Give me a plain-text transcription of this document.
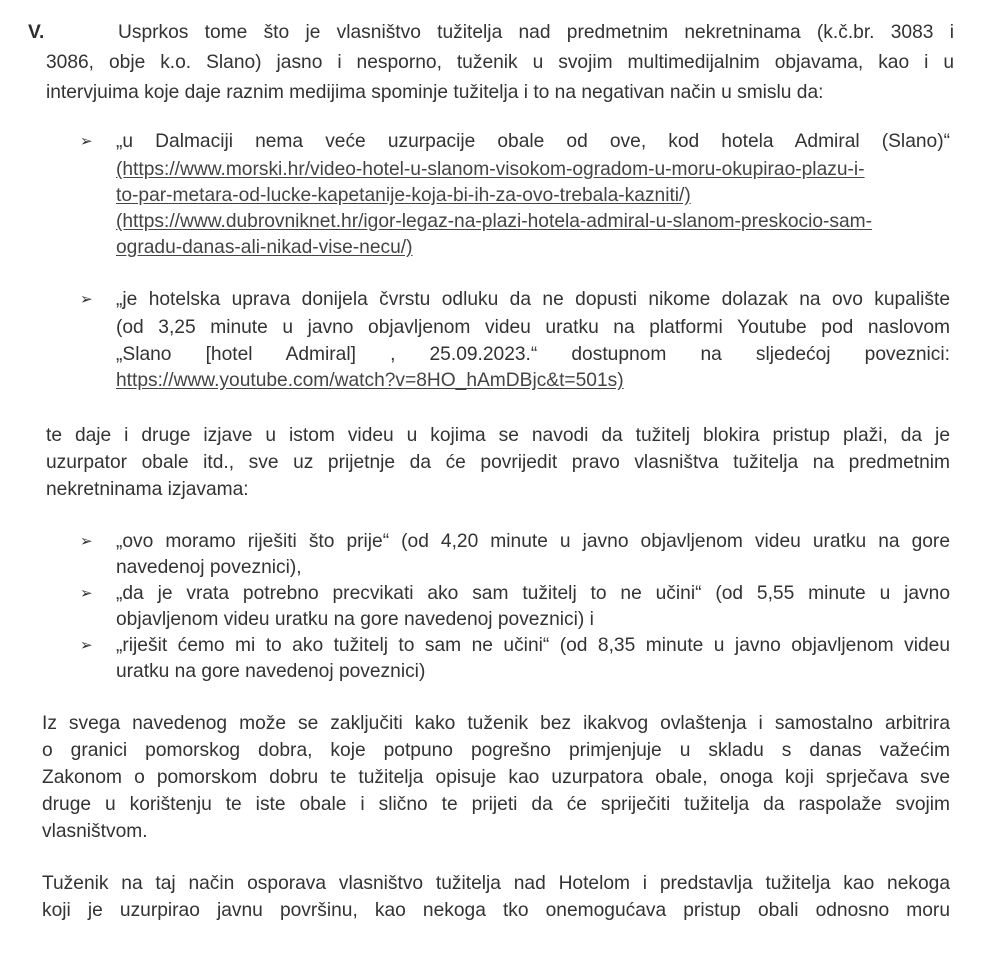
V.	Usprkos tome što je vlasništvo tužitelja nad predmetnim nekretninama (k.č.br. 3083 i
3086, obje k.o. Slano) jasno i nesporno, tuženik u svojim multimedijalnim objavama, kao i u
intervjuima koje daje raznim medijima spominje tužitelja i to na negativan način u smislu da:
➢ „u Dalmaciji nema veće uzurpacije obale od ove, kod hotela Admiral (Slano)“
(https://www.morski.hr/video-hotel-u-slanom-visokom-ogradom-u-moru-okupirao-plazu-i-
to-par-metara-od-lucke-kapetanije-koja-bi-ih-za-ovo-trebala-kazniti/)
(https://www.dubrovniknet.hr/igor-legaz-na-plazi-hotela-admiral-u-slanom-preskocio-sam-
ogradu-danas-ali-nikad-vise-necu/)
➢ „je hotelska uprava donijela čvrstu odluku da ne dopusti nikome dolazak na ovo kupalište
(od 3,25 minute u javno objavljenom videu uratku na platformi Youtube pod naslovom
„Slano [hotel Admiral] , 25.09.2023.“ dostupnom na sljedećoj poveznici:
https://www.youtube.com/watch?v=8HO_hAmDBjc&t=501s)
te daje i druge izjave u istom videu u kojima se navodi da tužitelj blokira pristup plaži, da je
uzurpator obale itd., sve uz prijetnje da će povrijedit pravo vlasništva tužitelja na predmetnim
nekretninama izjavama:
➢ „ovo moramo riješiti što prije“ (od 4,20 minute u javno objavljenom videu uratku na gore
navedenoj poveznici),
➢ „da je vrata potrebno precvikati ako sam tužitelj to ne učini“ (od 5,55 minute u javno
objavljenom videu uratku na gore navedenoj poveznici) i
➢ „riješit ćemo mi to ako tužitelj to sam ne učini“ (od 8,35 minute u javno objavljenom videu
uratku na gore navedenoj poveznici)
Iz svega navedenog može se zaključiti kako tuženik bez ikakvog ovlaštenja i samostalno arbitrira
o granici pomorskog dobra, koje potpuno pogrešno primjenjuje u skladu s danas važećim
Zakonom o pomorskom dobru te tužitelja opisuje kao uzurpatora obale, onoga koji sprječava sve
druge u korištenju te iste obale i slično te prijeti da će spriječiti tužitelja da raspolaže svojim
vlasništvom.
Tuženik na taj način osporava vlasništvo tužitelja nad Hotelom i predstavlja tužitelja kao nekoga
koji je uzurpirao javnu površinu, kao nekoga tko onemogućava pristup obali odnosno moru
